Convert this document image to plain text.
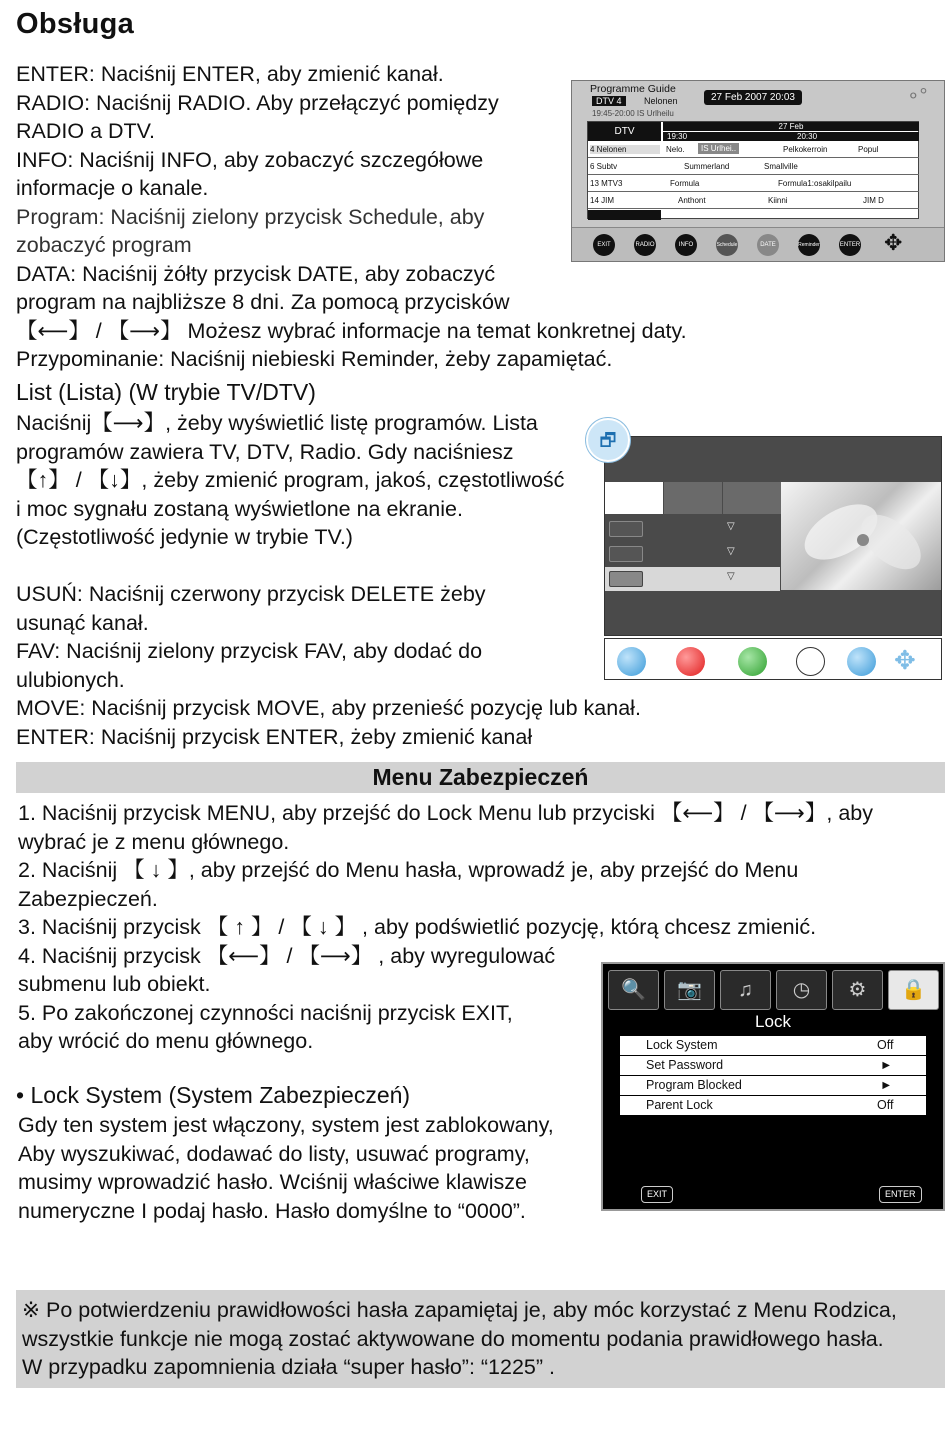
Obsługa
ENTER: Naciśnij ENTER, aby zmienić kanał.
RADIO: Naciśnij RADIO. Aby przełączyć pomiędzy
RADIO a DTV.
INFO: Naciśnij INFO, aby zobaczyć szczegółowe
informacje o kanale.
Program: Naciśnij zielony przycisk Schedule, aby
zobaczyć program
DATA: Naciśnij żółty przycisk DATE, aby zobaczyć
program na najbliższe 8 dni. Za pomocą przycisków
【⟵】 / 【⟶】 Możesz wybrać informacje na temat konkretnej daty.
Przypominanie: Naciśnij niebieski Reminder, żeby zapamiętać.
Programme Guide
DTV 4	Nelonen
19:45-20:00 IS Urlheilu
27 Feb 2007 20:03	∘°
DTV	27 Feb
19:30	20:30
4 Nelonen	Nelo.	IS Urlhei..	Pelkokerroin	Popul
6 Subtv	Summerland	Smallville
13 MTV3	Formula	Formula1:osakilpailu
14 JIM	Anthont	Kiinni	JIM D
EXIT	RADIO	INFO	Schedule	DATE	Reminder	ENTER ✥
List (Lista) (W trybie TV/DTV)
Naciśnij【⟶】, żeby wyświetlić listę programów. Lista
programów zawiera TV, DTV, Radio. Gdy naciśniesz
【↑】 / 【↓】, żeby zmienić program, jakoś, częstotliwość
i moc sygnału zostaną wyświetlone na ekranie.
(Częstotliwość jedynie w trybie TV.)
USUŃ: Naciśnij czerwony przycisk DELETE żeby
usunąć kanał.
FAV: Naciśnij zielony przycisk FAV, aby dodać do
ulubionych.
MOVE: Naciśnij przycisk MOVE, aby przenieść pozycję lub kanał.
ENTER: Naciśnij przycisk ENTER, żeby zmienić kanał
▽
▽
▽
🗗
✥
Menu Zabezpieczeń
1. Naciśnij przycisk MENU, aby przejść do Lock Menu lub przyciski 【⟵】 / 【⟶】, aby
wybrać je z menu głównego.
2. Naciśnij 【 ↓ 】, aby przejść do Menu hasła, wprowadź je, aby przejść do Menu
Zabezpieczeń.
3. Naciśnij przycisk 【 ↑ 】 / 【 ↓ 】 , aby podświetlić pozycję, którą chcesz zmienić.
4. Naciśnij przycisk 【⟵】 / 【⟶】 , aby wyregulować
submenu lub obiekt.
5. Po zakończonej czynności naciśnij przycisk EXIT,
aby wrócić do menu głównego.
• Lock System (System Zabezpieczeń)
Gdy ten system jest włączony, system jest zablokowany,
Aby wyszukiwać, dodawać do listy, usuwać programy,
musimy wprowadzić hasło. Wciśnij właściwe klawisze
numeryczne I podaj hasło. Hasło domyślne to “0000”.
🔍	📷	♫	◷	⚙	🔒
Lock
Lock System	Off
Set Password	►
Program Blocked	►
Parent Lock	Off
EXIT	ENTER
※ Po potwierdzeniu prawidłowości hasła zapamiętaj je, aby móc korzystać z Menu Rodzica,
wszystkie funkcje nie mogą zostać aktywowane do momentu podania prawidłowego hasła.
W przypadku zapomnienia działa “super hasło”: “1225” .
